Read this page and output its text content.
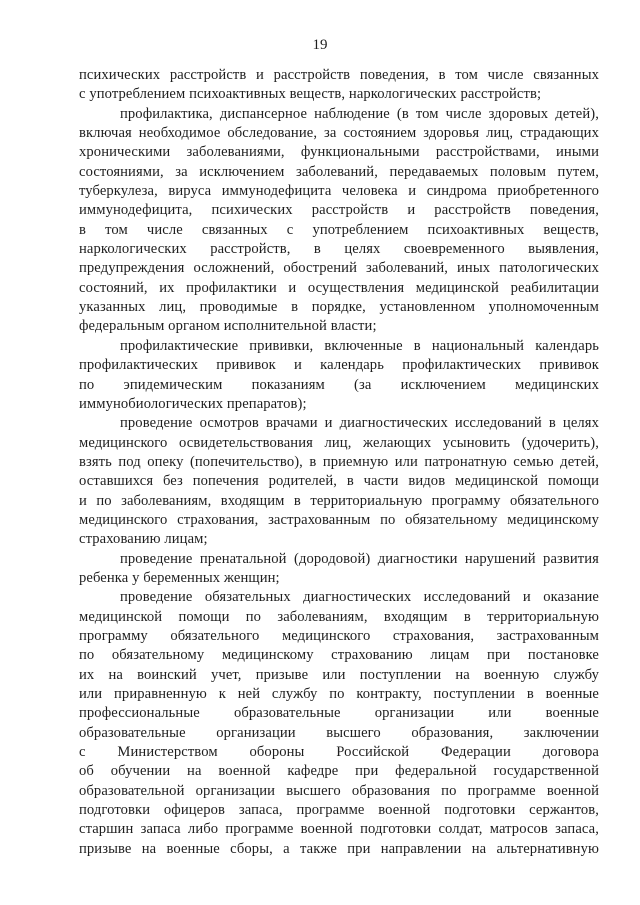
19
психических расстройств и расстройств поведения, в том числе связанных
с употреблением психоактивных веществ, наркологических расстройств;
профилактика, диспансерное наблюдение (в том числе здоровых детей),
включая необходимое обследование, за состоянием здоровья лиц, страдающих
хроническими заболеваниями, функциональными расстройствами, иными
состояниями, за исключением заболеваний, передаваемых половым путем,
туберкулеза, вируса иммунодефицита человека и синдрома приобретенного
иммунодефицита, психических расстройств и расстройств поведения,
в том числе связанных с употреблением психоактивных веществ,
наркологических расстройств, в целях своевременного выявления,
предупреждения осложнений, обострений заболеваний, иных патологических
состояний, их профилактики и осуществления медицинской реабилитации
указанных лиц, проводимые в порядке, установленном уполномоченным
федеральным органом исполнительной власти;
профилактические прививки, включенные в национальный календарь
профилактических прививок и календарь профилактических прививок
по эпидемическим показаниям (за исключением медицинских
иммунобиологических препаратов);
проведение осмотров врачами и диагностических исследований в целях
медицинского освидетельствования лиц, желающих усыновить (удочерить),
взять под опеку (попечительство), в приемную или патронатную семью детей,
оставшихся без попечения родителей, в части видов медицинской помощи
и по заболеваниям, входящим в территориальную программу обязательного
медицинского страхования, застрахованным по обязательному медицинскому
страхованию лицам;
проведение пренатальной (дородовой) диагностики нарушений развития
ребенка у беременных женщин;
проведение обязательных диагностических исследований и оказание
медицинской помощи по заболеваниям, входящим в территориальную
программу обязательного медицинского страхования, застрахованным
по обязательному медицинскому страхованию лицам при постановке
их на воинский учет, призыве или поступлении на военную службу
или приравненную к ней службу по контракту, поступлении в военные
профессиональные образовательные организации или военные
образовательные организации высшего образования, заключении
с Министерством обороны Российской Федерации договора
об обучении на военной кафедре при федеральной государственной
образовательной организации высшего образования по программе военной
подготовки офицеров запаса, программе военной подготовки сержантов,
старшин запаса либо программе военной подготовки солдат, матросов запаса,
призыве на военные сборы, а также при направлении на альтернативную
